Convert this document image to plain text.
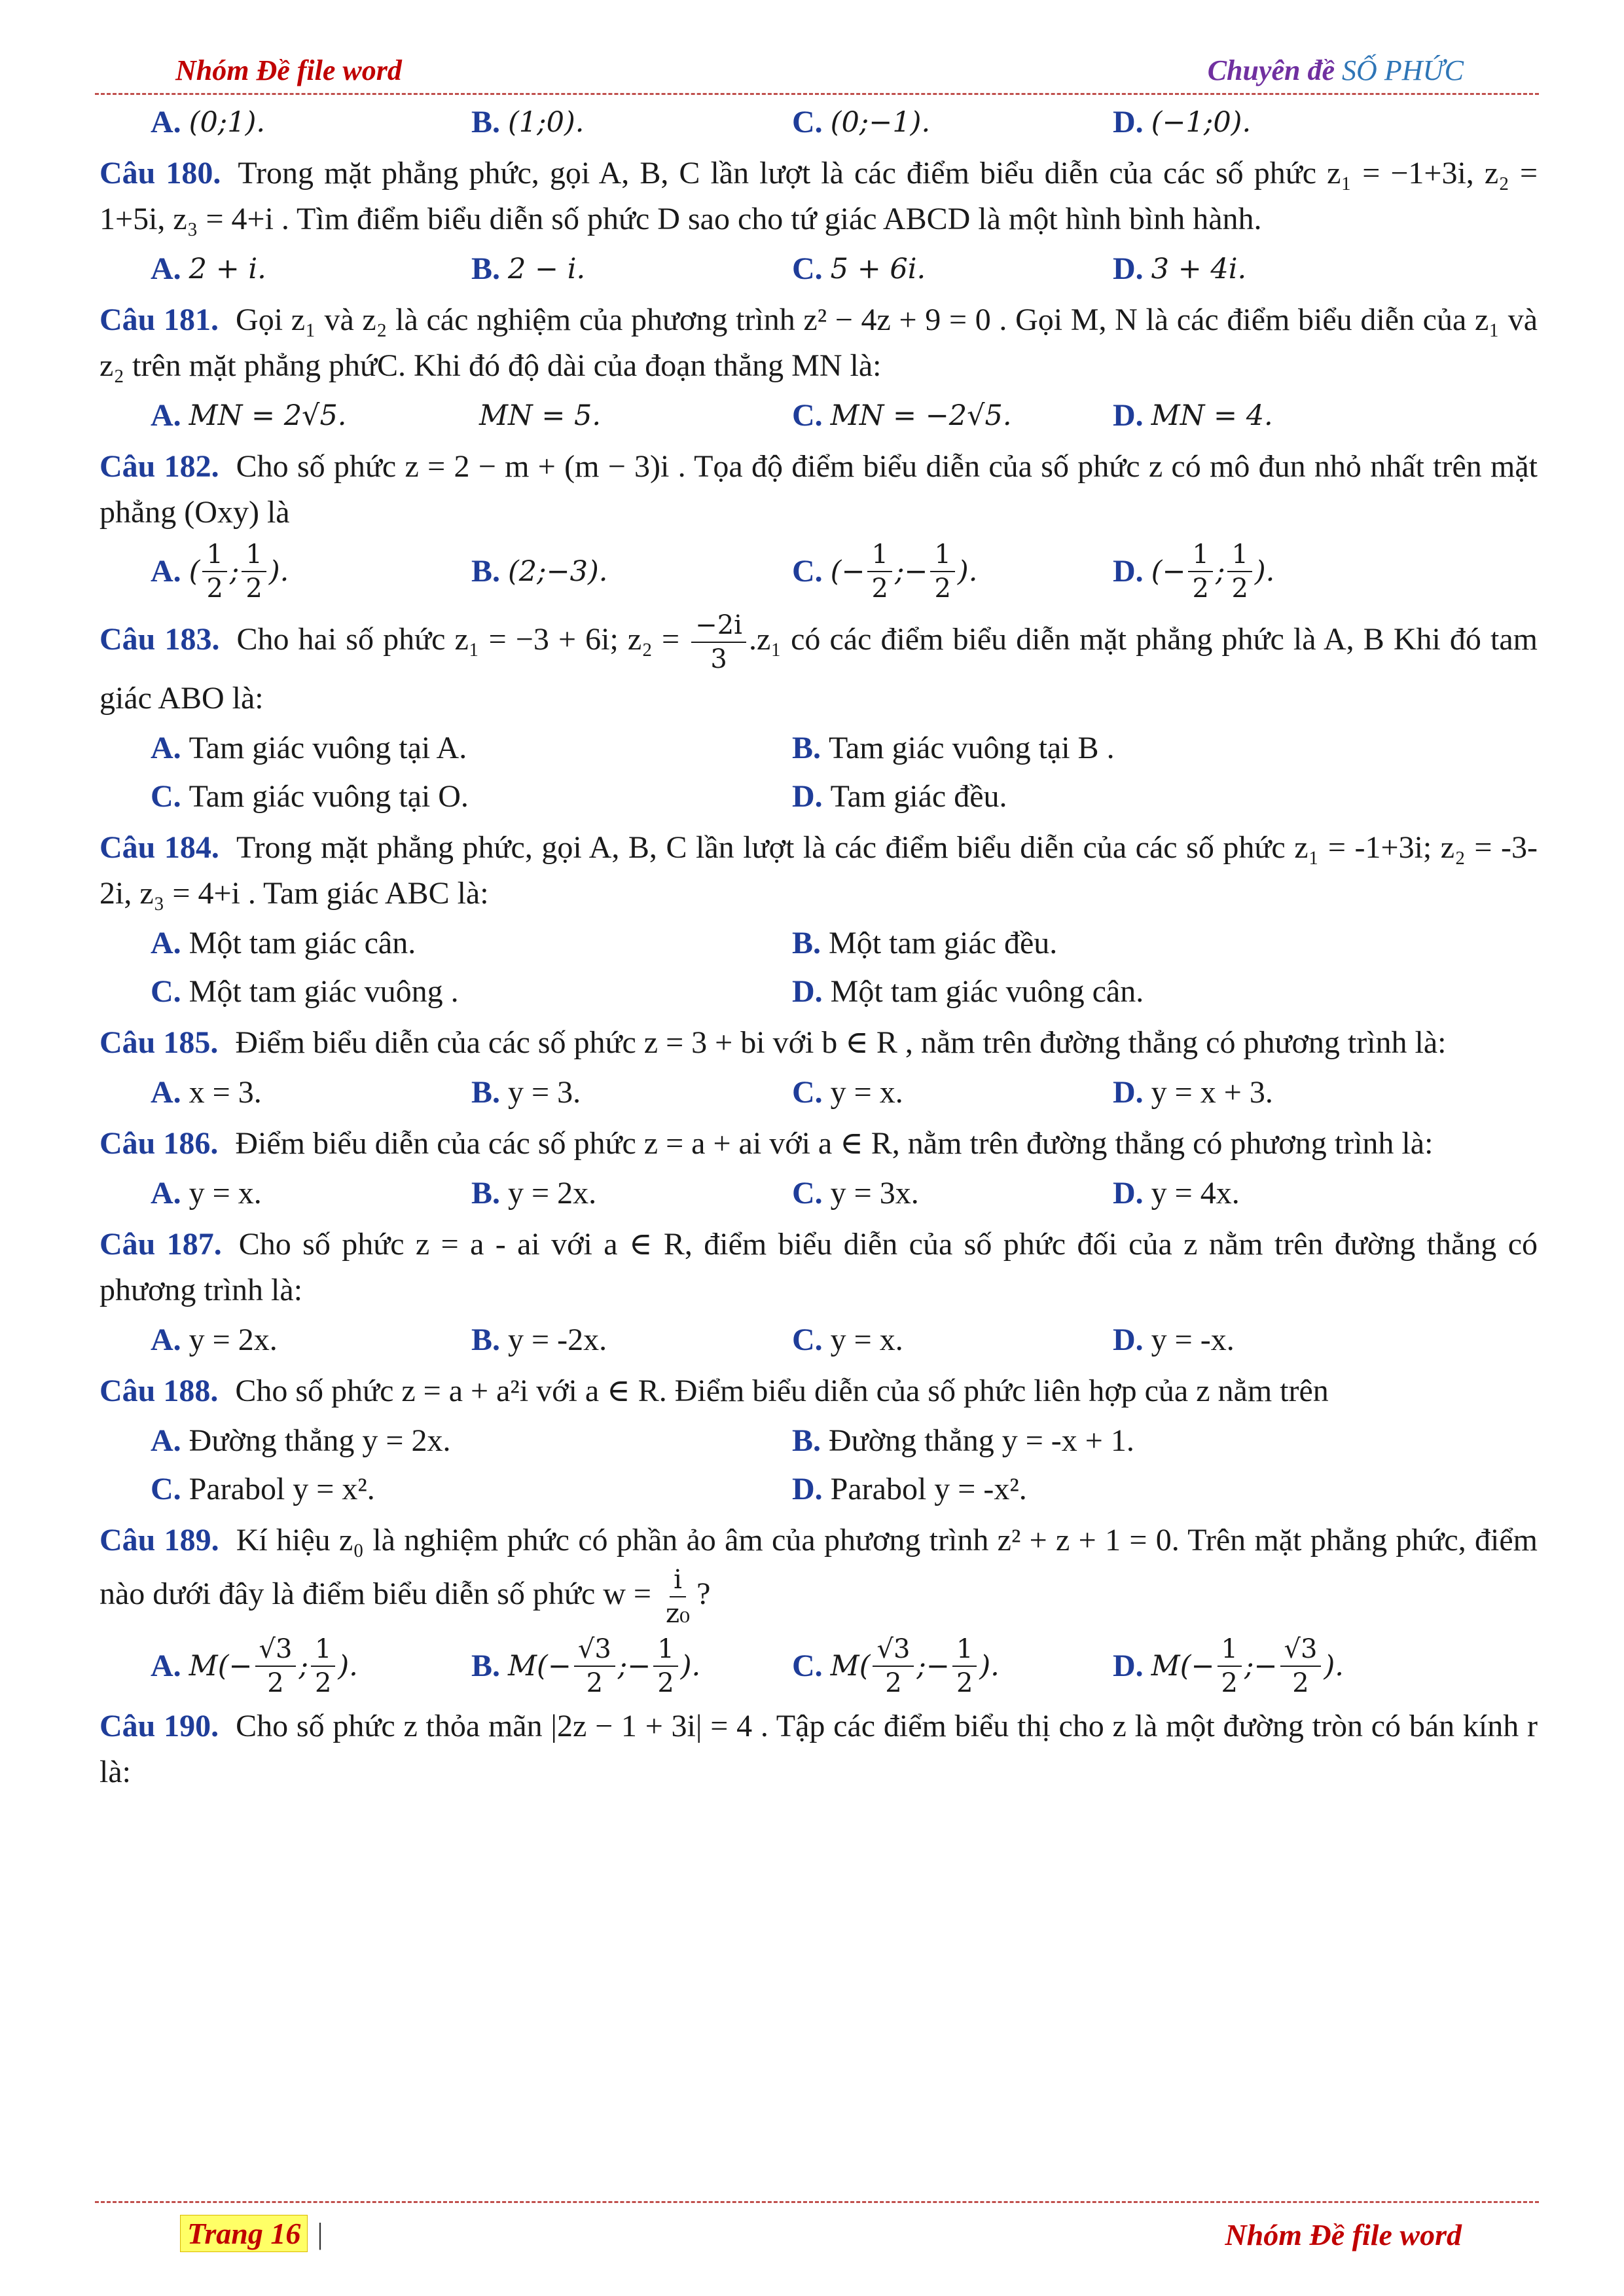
Nhóm Đề file word	Chuyên đề SỐ PHỨC
A. (0;1).	B. (1;0).	C. (0;−1).	D. (−1;0).

Câu 180. Trong mặt phẳng phức, gọi A, B, C lần lượt là các điểm biểu diễn của các số phức z₁ = −1+3i, z₂ = 1+5i, z₃ = 4+i . Tìm điểm biểu diễn số phức D sao cho tứ giác ABCD là một hình bình hành.

A. 2 + i.	B. 2 − i.	C. 5 + 6i.	D. 3 + 4i.

Câu 181. Gọi z₁ và z₂ là các nghiệm của phương trình z² − 4z + 9 = 0 . Gọi M, N là các điểm biểu diễn của z₁ và z₂ trên mặt phẳng phứC. Khi đó độ dài của đoạn thẳng MN là:

A. MN = 2√5.	MN = 5.	C. MN = −2√5.	D. MN = 4.

Câu 182. Cho số phức z = 2 − m + (m − 3)i . Tọa độ điểm biểu diễn của số phức z có mô đun nhỏ nhất trên mặt phẳng (Oxy) là

A. ( $\frac{1}{2}$ ; $\frac{1}{2}$ ).	B. (2;−3).	C. (− $\frac{1}{2}$ ;− $\frac{1}{2}$ ).	D. (− $\frac{1}{2}$ ; $\frac{1}{2}$ ).

Câu 183. Cho hai số phức z₁ = −3 + 6i; $z_2 = \frac{-2i}{3} .z_1$ có các điểm biểu diễn mặt phẳng phức là A, B Khi đó tam giác ABO là:

A. Tam giác vuông tại A.	B. Tam giác vuông tại B .
C. Tam giác vuông tại O.	D. Tam giác đều.

Câu 184. Trong mặt phẳng phức, gọi A, B, C lần lượt là các điểm biểu diễn của các số phức z₁ = -1+3i; z₂ = -3-2i, z₃ = 4+i . Tam giác ABC là:

A. Một tam giác cân.	B. Một tam giác đều.
C. Một tam giác vuông .	D. Một tam giác vuông cân.

Câu 185. Điểm biểu diễn của các số phức z = 3 + bi với b ∈ R , nằm trên đường thẳng có phương trình là:

A. x = 3.	B. y = 3.	C. y = x.	D. y = x + 3.

Câu 186. Điểm biểu diễn của các số phức z = a + ai với a ∈ R, nằm trên đường thẳng có phương trình là:

A. y = x.	B. y = 2x.	C. y = 3x.	D. y = 4x.

Câu 187. Cho số phức z = a - ai với a ∈ R, điểm biểu diễn của số phức đối của z nằm trên đường thẳng có phương trình là:

A. y = 2x.	B. y = -2x.	C. y = x.	D. y = -x.

Câu 188. Cho số phức z = a + a²i với a ∈ R. Điểm biểu diễn của số phức liên hợp của z nằm trên

A. Đường thẳng y = 2x.	B. Đường thẳng y = -x + 1.
C. Parabol y = x².	D. Parabol y = -x².

Câu 189. Kí hiệu z₀ là nghiệm phức có phần ảo âm của phương trình z² + z + 1 = 0. Trên mặt phẳng phức, điểm nào dưới đây là điểm biểu diễn số phức $w = \frac{i}{\text{z₀}}$ ?

A. $M(- \frac{√3}{2}$ ; $\frac{1}{2}$ ).	B. $M(- \frac{√3}{2}$ ;− $\frac{1}{2}$ ).	C. $M( \frac{√3}{2}$ ;− $\frac{1}{2}$ ).	D. $M(- \frac{1}{2}$ ;− $\frac{√3}{2}$ ).

Câu 190. Cho số phức z thỏa mãn |2z − 1 + 3i| = 4 . Tập các điểm biểu thị cho z là một đường tròn có bán kính r là:

Trang 16 |	Nhóm Đề file word
